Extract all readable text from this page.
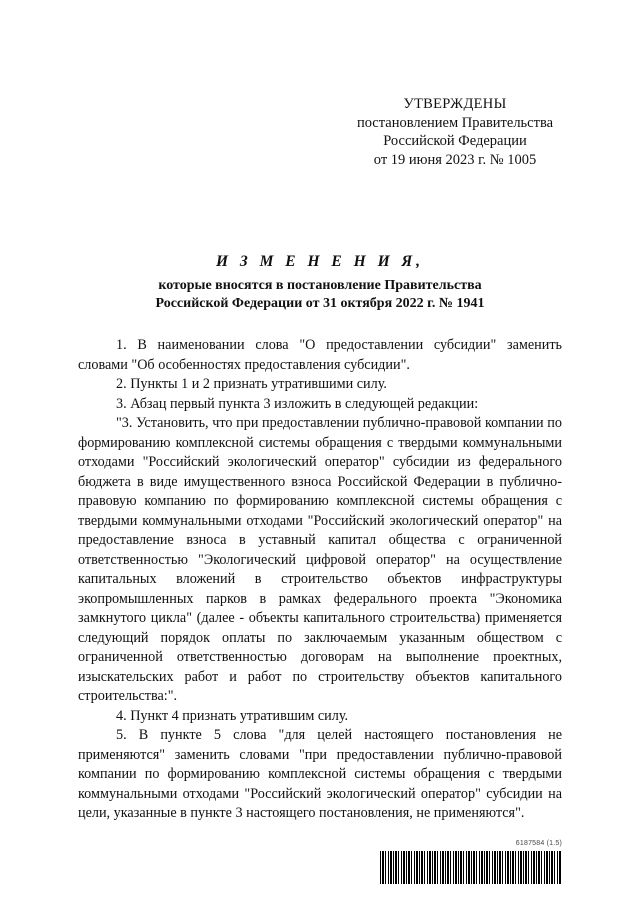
УТВЕРЖДЕНЫ
постановлением Правительства
Российской Федерации
от 19 июня 2023 г. № 1005
И З М Е Н Е Н И Я,
которые вносятся в постановление Правительства
Российской Федерации от 31 октября 2022 г. № 1941

1. В наименовании слова "О предоставлении субсидии" заменить словами "Об особенностях предоставления субсидии".

2. Пункты 1 и 2 признать утратившими силу.

3. Абзац первый пункта 3 изложить в следующей редакции:

"3. Установить, что при предоставлении публично-правовой компании по формированию комплексной системы обращения с твердыми коммунальными отходами "Российский экологический оператор" субсидии из федерального бюджета в виде имущественного взноса Российской Федерации в публично-правовую компанию по формированию комплексной системы обращения с твердыми коммунальными отходами "Российский экологический оператор" на предоставление взноса в уставный капитал общества с ограниченной ответственностью "Экологический цифровой оператор" на осуществление капитальных вложений в строительство объектов инфраструктуры экопромышленных парков в рамках федерального проекта "Экономика замкнутого цикла" (далее - объекты капитального строительства) применяется следующий порядок оплаты по заключаемым указанным обществом с ограниченной ответственностью договорам на выполнение проектных, изыскательских работ и работ по строительству объектов капитального строительства:".

4. Пункт 4 признать утратившим силу.

5. В пункте 5 слова "для целей настоящего постановления не применяются" заменить словами "при предоставлении публично-правовой компании по формированию комплексной системы обращения с твердыми коммунальными отходами "Российский экологический оператор" субсидии на цели, указанные в пункте 3 настоящего постановления, не применяются".

6187584 (1.5)
